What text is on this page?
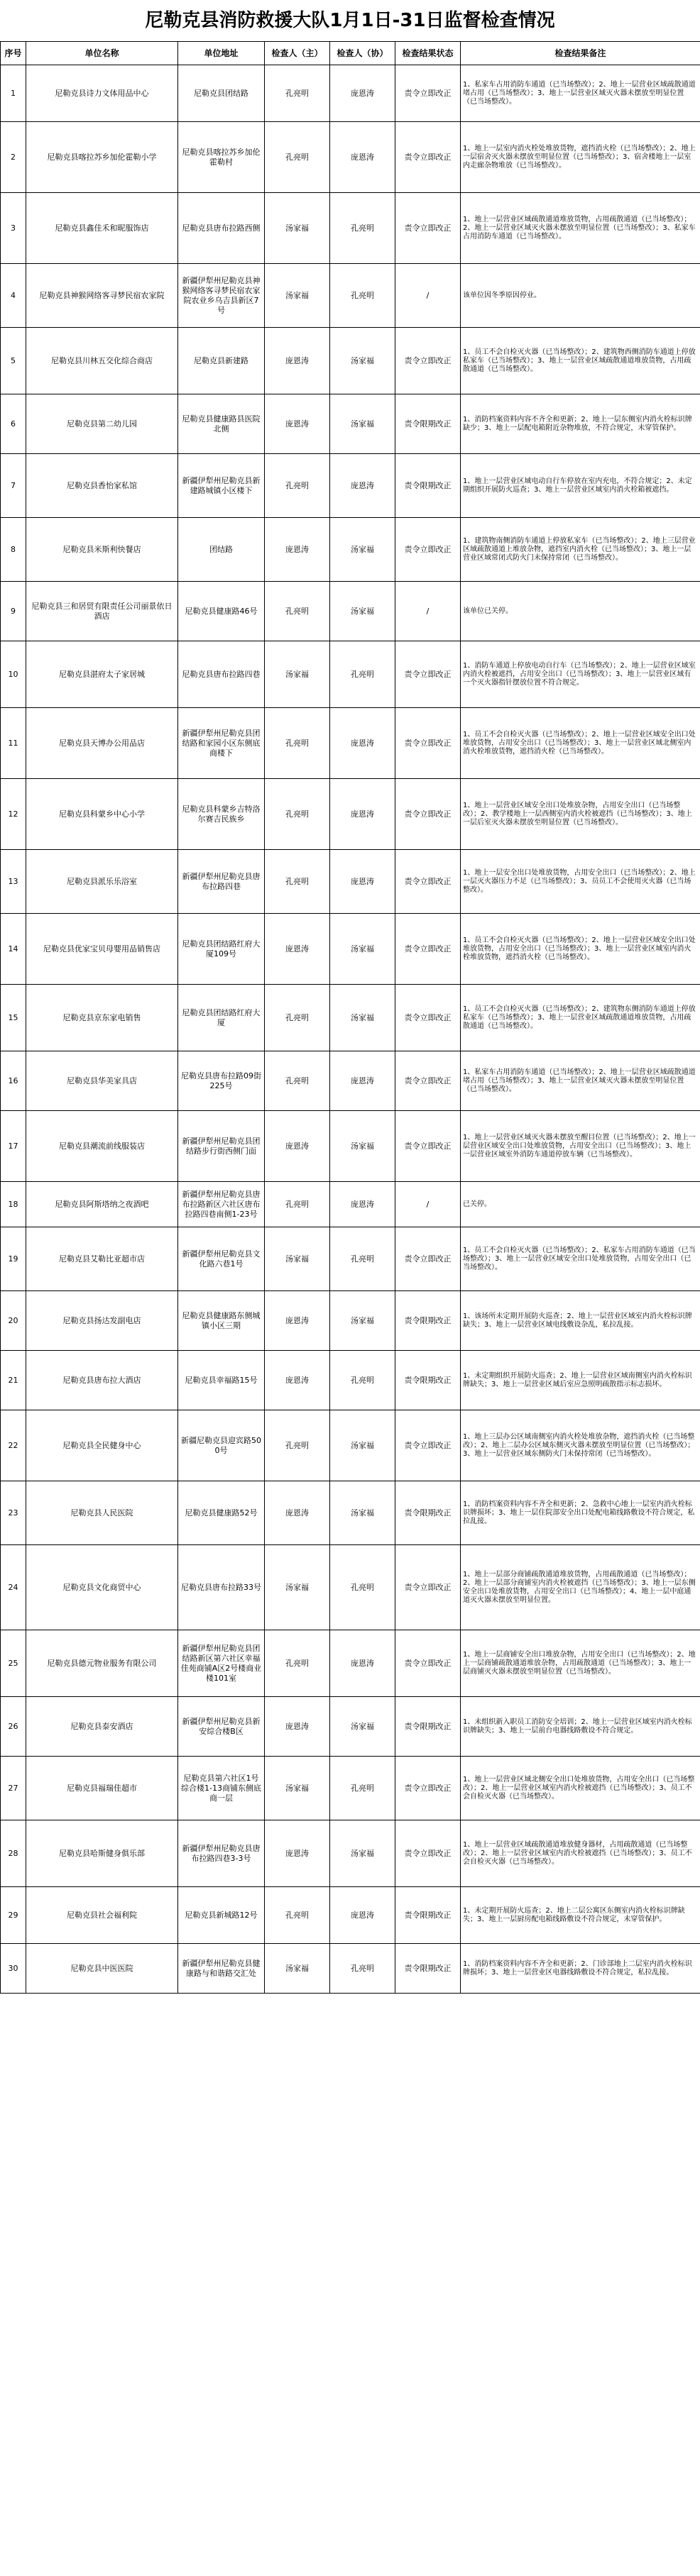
尼勒克县消防救援大队1月1日-31日监督检查情况
序号	单位名称	单位地址	检查人（主）	检查人（协）	检查结果状态	检查结果备注
1	尼勒克县诗力文体用品中心	尼勒克县团结路	孔亮明	庞恩涛	责令立即改正	1、私家车占用消防车通道（已当场整改）；2、地上一层营业区域疏散通道堵占用（已当场整改）；3、地上一层营业区域灭火器未摆放至明显位置（已当场整改）。
2	尼勒克县喀拉苏乡加伦霍勒小学	尼勒克县喀拉苏乡加伦霍勒村	孔亮明	庞恩涛	责令立即改正	1、地上一层室内消火栓处堆放货物，遮挡消火栓（已当场整改）；2、地上一层宿舍灭火器未摆放至明显位置（已当场整改）；3、宿舍楼地上一层室内走廊杂物堆放（已当场整改）。
3	尼勒克县鑫佳禾和昵服饰店	尼勒克县唐布拉路西侧	汤家福	孔亮明	责令立即改正	1、地上一层营业区域疏散通道堆放货物，占用疏散通道（已当场整改）；2、地上一层营业区域灭火器未摆放至明显位置（已当场整改）；3、私家车占用消防车通道（已当场整改）。
4	尼勒克县神猴网络客寻梦民宿农家院	新疆伊犁州尼勒克县神猴网络客寻梦民宿农家院农业乡乌吉县新区7号	汤家福	孔亮明	/	该单位因冬季原因停业。
5	尼勒克县川林五交化综合商店	尼勒克县新建路	庞恩涛	汤家福	责令立即改正	1、员工不会自检灭火器（已当场整改）；2、建筑物西侧消防车通道上停放私家车（已当场整改）；3、地上一层营业区域疏散通道堆放货物，占用疏散通道（已当场整改）。
6	尼勒克县第二幼儿园	尼勒克县健康路县医院北侧	庞恩涛	汤家福	责令限期改正	1、消防档案资料内容不齐全和更新；2、地上一层东侧室内消火栓标识牌缺少；3、地上一层配电箱附近杂物堆放，不符合规定，未穿管保护。
7	尼勒克县香怡家私馆	新疆伊犁州尼勒克县新建路城镇小区楼下	孔亮明	庞恩涛	责令限期改正	1、地上一层营业区域电动自行车停放在室内充电，不符合规定；2、未定期组织开展防火巡查；3、地上一层营业区域室内消火栓箱被遮挡。
8	尼勒克县米斯利快餐店	团结路	庞恩涛	汤家福	责令立即改正	1、建筑物南侧消防车通道上停放私家车（已当场整改）；2、地上三层营业区域疏散通道上堆放杂物，遮挡室内消火栓（已当场整改）；3、地上一层营业区域常闭式防火门未保持常闭（已当场整改）。
9	尼勒克县三和居贸有限责任公司丽景依日酒店	尼勒克县健康路46号	孔亮明	汤家福	/	该单位已关停。
10	尼勒克县湛府太子家居城	尼勒克县唐布拉路四巷	汤家福	孔亮明	责令立即改正	1、消防车通道上停放电动自行车（已当场整改）；2、地上一层营业区域室内消火栓被遮挡，占用安全出口（已当场整改）；3、地上一层营业区域有一个灭火器指针摆放位置不符合规定。
11	尼勒克县天博办公用品店	新疆伊犁州尼勒克县团结路和家园小区东侧底商楼下	孔亮明	庞恩涛	责令立即改正	1、员工不会自检灭火器（已当场整改）；2、地上一层营业区域安全出口处堆放货物，占用安全出口（已当场整改）；3、地上一层营业区域北侧室内消火栓堆放货物，遮挡消火栓（已当场整改）。
12	尼勒克县科蒙乡中心小学	尼勒克县科蒙乡吉特洛尔赛吉民族乡	孔亮明	庞恩涛	责令立即改正	1、地上一层营业区域安全出口处堆放杂物，占用安全出口（已当场整改）；2、教学楼地上一层西侧室内消火栓被遮挡（已当场整改）；3、地上一层后室灭火器未摆放至明显位置（已当场整改）。
13	尼勒克县派乐乐浴室	新疆伊犁州尼勒克县唐布拉路四巷	孔亮明	庞恩涛	责令立即改正	1、地上一层安全出口处堆放货物，占用安全出口（已当场整改）；2、地上一层灭火器压力不足（已当场整改）；3、员员工不会使用灭火器（已当场整改）。
14	尼勒克县优家宝贝母婴用品销售店	尼勒克县团结路红府大厦109号	庞恩涛	汤家福	责令立即改正	1、员工不会自检灭火器（已当场整改）；2、地上一层营业区域安全出口处堆放货物，占用安全出口（已当场整改）；3、地上一层营业区域室内消火栓堆放货物，遮挡消火栓（已当场整改）。
15	尼勒克县京东家电销售	尼勒克县团结路红府大厦	孔亮明	汤家福	责令立即改正	1、员工不会自检灭火器（已当场整改）；2、建筑物东侧消防车通道上停放私家车（已当场整改）；3、地上一层营业区域疏散通道堆放货物，占用疏散通道（已当场整改）。
16	尼勒克县华美家具店	尼勒克县唐布拉路09街225号	孔亮明	庞恩涛	责令立即改正	1、私家车占用消防车通道（已当场整改）；2、地上一层营业区域疏散通道堵占用（已当场整改）；3、地上一层营业区域灭火器未摆放至明显位置（已当场整改）。
17	尼勒克县潮流前线服装店	新疆伊犁州尼勒克县团结路步行街西侧门面	庞恩涛	汤家福	责令立即改正	1、地上一层营业区域灭火器未摆放至醒目位置（已当场整改）；2、地上一层营业区域安全出口处堆放货物，占用安全出口（已当场整改）；3、地上一层营业区域室外消防车通道停放车辆（已当场整改）。
18	尼勒克县阿斯塔纳之夜酒吧	新疆伊犁州尼勒克县唐布拉路新区六社区唐布拉路四巷南侧1-23号	孔亮明	庞恩涛	/	已关停。
19	尼勒克县艾勒比亚超市店	新疆伊犁州尼勒克县文化路六巷1号	汤家福	孔亮明	责令立即改正	1、员工不会自检灭火器（已当场整改）；2、私家车占用消防车通道（已当场整改）；3、地上一层营业区域安全出口处堆放货物，占用安全出口（已当场整改）。
20	尼勒克县扬达发副电店	尼勒克县健康路东侧城镇小区三期	庞恩涛	汤家福	责令限期改正	1、该场所未定期开展防火巡查；2、地上一层营业区域室内消火栓标识牌缺失；3、地上一层营业区域电线敷设杂乱，私拉乱接。
21	尼勒克县唐布拉大酒店	尼勒克县幸福路15号	庞恩涛	孔亮明	责令限期改正	1、未定期组织开展防火巡查；2、地上一层营业区域南侧室内消火栓标识牌缺失；3、地上一层营业区域后室应急照明疏散指示标志损坏。
22	尼勒克县全民健身中心	新疆尼勒克县迎宾路500号	孔亮明	汤家福	责令立即改正	1、地上三层办公区域南侧室内消火栓处堆放杂物，遮挡消火栓（已当场整改）；2、地上二层办公区域东侧灭火器未摆放至明显位置（已当场整改）；3、地上一层营业区域东侧防火门未保持常闭（已当场整改）。
23	尼勒克县人民医院	尼勒克县健康路52号	庞恩涛	汤家福	责令限期改正	1、消防档案资料内容不齐全和更新；2、急救中心地上一层室内消火栓标识牌损坏；3、地上一层住院部安全出口处配电箱线路敷设不符合规定，私拉乱接。
24	尼勒克县文化商贸中心	尼勒克县唐布拉路33号	汤家福	孔亮明	责令立即改正	1、地上一层部分商铺疏散通道堆放货物，占用疏散通道（已当场整改）；2、地上一层部分商铺室内消火栓被遮挡（已当场整改）；3、地上一层东侧安全出口处堆放货物，占用安全出口（已当场整改）；4、地上一层中庭通道灭火器未摆放至明显位置。
25	尼勒克县德元物业服务有限公司	新疆伊犁州尼勒克县团结路新区第六社区幸福佳苑商铺A区2号楼商业楼101室	孔亮明	庞恩涛	责令立即改正	1、地上一层商铺安全出口堆放杂物，占用安全出口（已当场整改）；2、地上一层商铺疏散通道堆放杂物，占用疏散通道（已当场整改）；3、地上一层商铺灭火器未摆放至明显位置（已当场整改）。
26	尼勒克县泰安酒店	新疆伊犁州尼勒克县新安综合楼B区	庞恩涛	汤家福	责令限期改正	1、未组织新入职员工消防安全培训；2、地上一层营业区域室内消火栓标识牌缺失；3、地上一层前台电器线路敷设不符合规定。
27	尼勒克县福瑞佳超市	尼勒克县第六社区1号综合楼1-13商铺东侧底商一层	汤家福	孔亮明	责令立即改正	1、地上一层营业区域北侧安全出口处堆放货物，占用安全出口（已当场整改）；2、地上一层营业区域室内消火栓被遮挡（已当场整改）；3、员工不会自检灭火器（已当场整改）。
28	尼勒克县哈斯健身俱乐部	新疆伊犁州尼勒克县唐布拉路四巷3-3号	庞恩涛	汤家福	责令立即改正	1、地上一层营业区域疏散通道堆放健身器材，占用疏散通道（已当场整改）；2、地上一层营业区域室内消火栓被遮挡（已当场整改）；3、员工不会自检灭火器（已当场整改）。
29	尼勒克县社会福利院	尼勒克县新城路12号	孔亮明	庞恩涛	责令限期改正	1、未定期开展防火巡查；2、地上二层公寓区东侧室内消火栓标识牌缺失；3、地上一层厨房配电箱线路敷设不符合规定，未穿管保护。
30	尼勒克县中医医院	新疆伊犁州尼勒克县健康路与和谐路交汇处	汤家福	孔亮明	责令限期改正	1、消防档案资料内容不齐全和更新；2、门诊部地上二层室内消火栓标识牌损坏；3、地上一层营业区电器线路敷设不符合规定，私拉乱接。
